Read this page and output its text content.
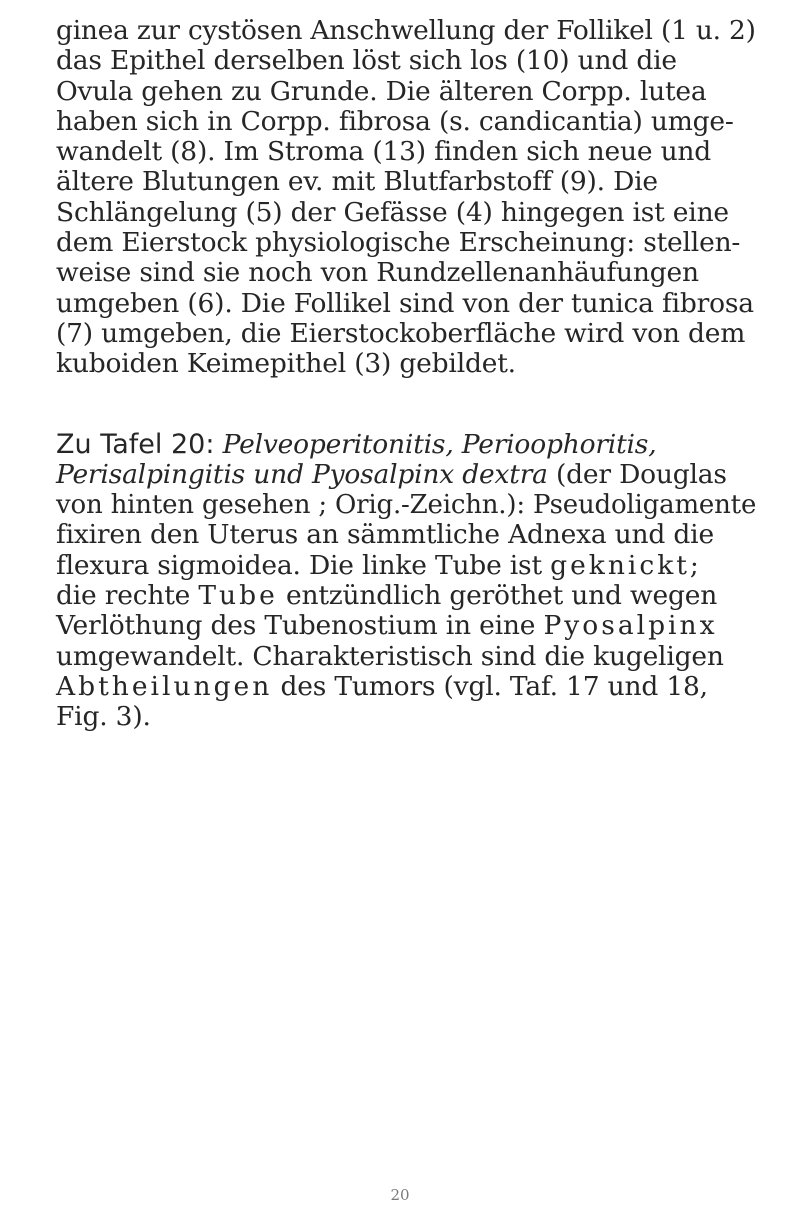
ginea zur cystösen Anschwellung der Follikel (1 u. 2)
das Epithel derselben löst sich los (10) und die
Ovula gehen zu Grunde. Die älteren Corpp. lutea
haben sich in Corpp. fibrosa (s. candicantia) umge-
wandelt (8). Im Stroma (13) finden sich neue und
ältere Blutungen ev. mit Blutfarbstoff (9). Die
Schlängelung (5) der Gefässe (4) hingegen ist eine
dem Eierstock physiologische Erscheinung: stellen-
weise sind sie noch von Rundzellenanhäufungen
umgeben (6). Die Follikel sind von der tunica fibrosa
(7) umgeben, die Eierstockoberfläche wird von dem
kuboiden Keimepithel (3) gebildet.
Zu Tafel 20: Pelveoperitonitis, Perioophoritis,
Perisalpingitis und Pyosalpinx dextra (der Douglas
von hinten gesehen ; Orig.-Zeichn.): Pseudoligamente
fixiren den Uterus an sämmtliche Adnexa und die
flexura sigmoidea. Die linke Tube ist geknickt;
die rechte Tube entzündlich geröthet und wegen
Verlöthung des Tubenostium in eine Pyosalpinx
umgewandelt. Charakteristisch sind die kugeligen
Abtheilungen des Tumors (vgl. Taf. 17 und 18,
Fig. 3).
20
